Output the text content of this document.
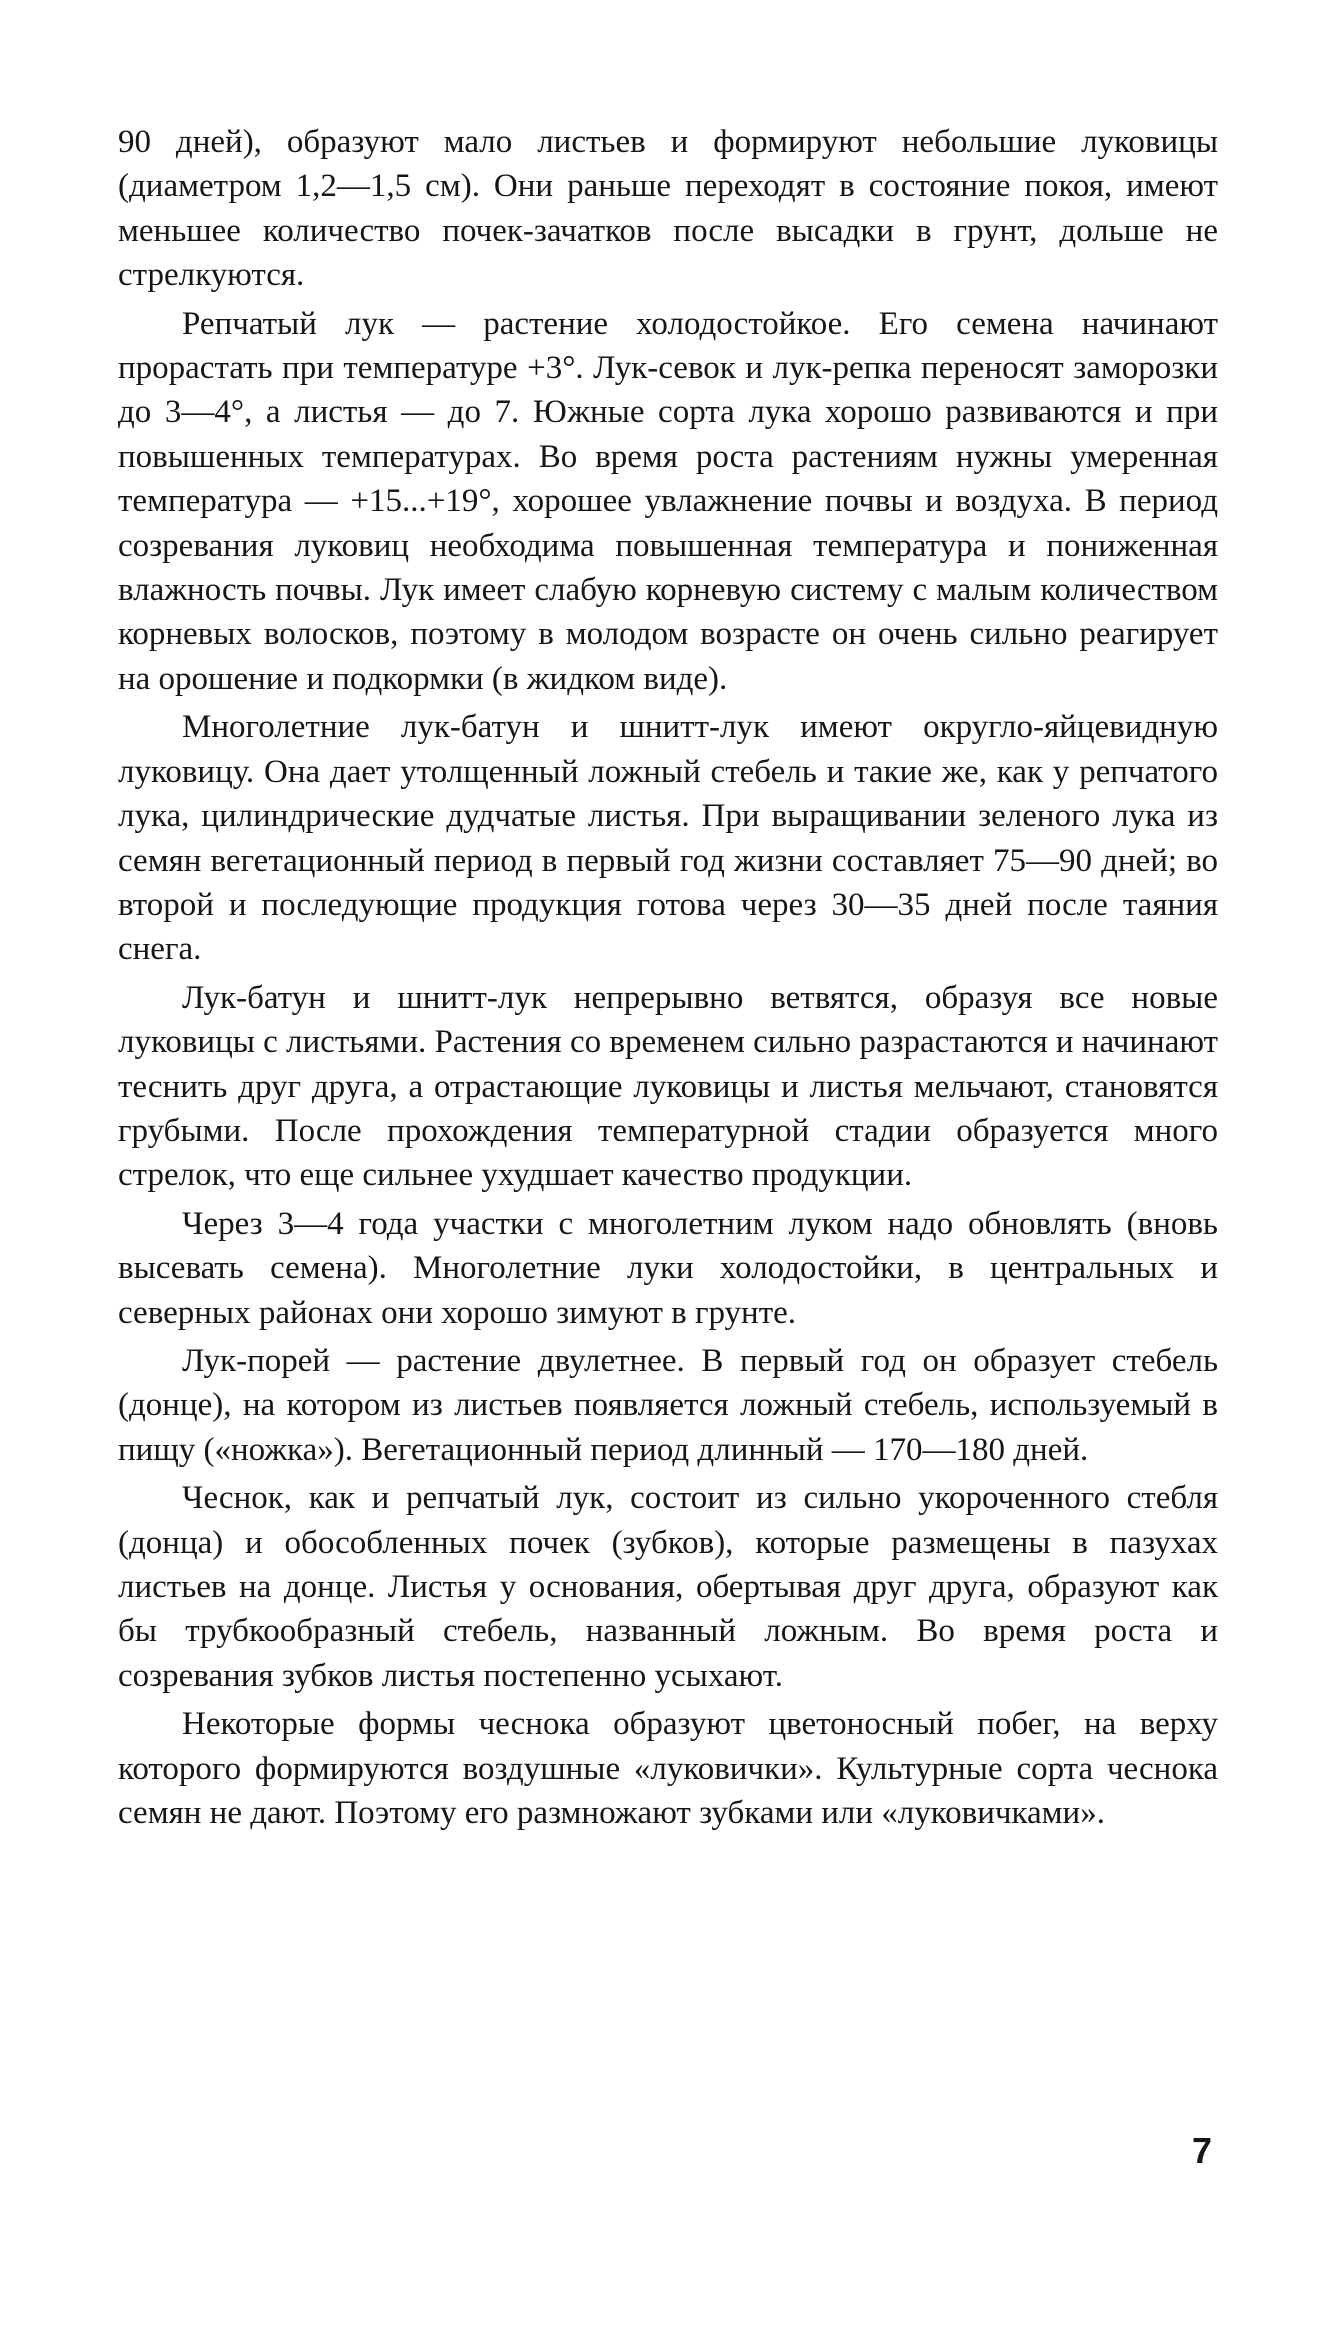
90 дней), образуют мало листьев и формируют небольшие луковицы (диаметром 1,2—1,5 см). Они раньше переходят в состояние покоя, имеют меньшее количество почек-зачатков после высадки в грунт, дольше не стрелкуются.

Репчатый лук — растение холодостойкое. Его семена начинают прорастать при температуре +3°. Лук-севок и лук-репка переносят заморозки до 3—4°, а листья — до 7. Южные сорта лука хорошо развиваются и при повышенных температурах. Во время роста растениям нужны умеренная температура — +15...+19°, хорошее увлажнение почвы и воздуха. В период созревания луковиц необходима повышенная температура и пониженная влажность почвы. Лук имеет слабую корневую систему с малым количеством корневых волосков, поэтому в молодом возрасте он очень сильно реагирует на орошение и подкормки (в жидком виде).

Многолетние лук-батун и шнитт-лук имеют округло-яйцевидную луковицу. Она дает утолщенный ложный стебель и такие же, как у репчатого лука, цилиндрические дудчатые листья. При выращивании зеленого лука из семян вегетационный период в первый год жизни составляет 75—90 дней; во второй и последующие продукция готова через 30—35 дней после таяния снега.

Лук-батун и шнитт-лук непрерывно ветвятся, образуя все новые луковицы с листьями. Растения со временем сильно разрастаются и начинают теснить друг друга, а отрастающие луковицы и листья мельчают, становятся грубыми. После прохождения температурной стадии образуется много стрелок, что еще сильнее ухудшает качество продукции.

Через 3—4 года участки с многолетним луком надо обновлять (вновь высевать семена). Многолетние луки холодостойки, в центральных и северных районах они хорошо зимуют в грунте.

Лук-порей — растение двулетнее. В первый год он образует стебель (донце), на котором из листьев появляется ложный стебель, используемый в пищу («ножка»). Вегетационный период длинный — 170—180 дней.

Чеснок, как и репчатый лук, состоит из сильно укороченного стебля (донца) и обособленных почек (зубков), которые размещены в пазухах листьев на донце. Листья у основания, обертывая друг друга, образуют как бы трубкообразный стебель, названный ложным. Во время роста и созревания зубков листья постепенно усыхают.

Некоторые формы чеснока образуют цветоносный побег, на верху которого формируются воздушные «луковички». Культурные сорта чеснока семян не дают. Поэтому его размножают зубками или «луковичками».

7
